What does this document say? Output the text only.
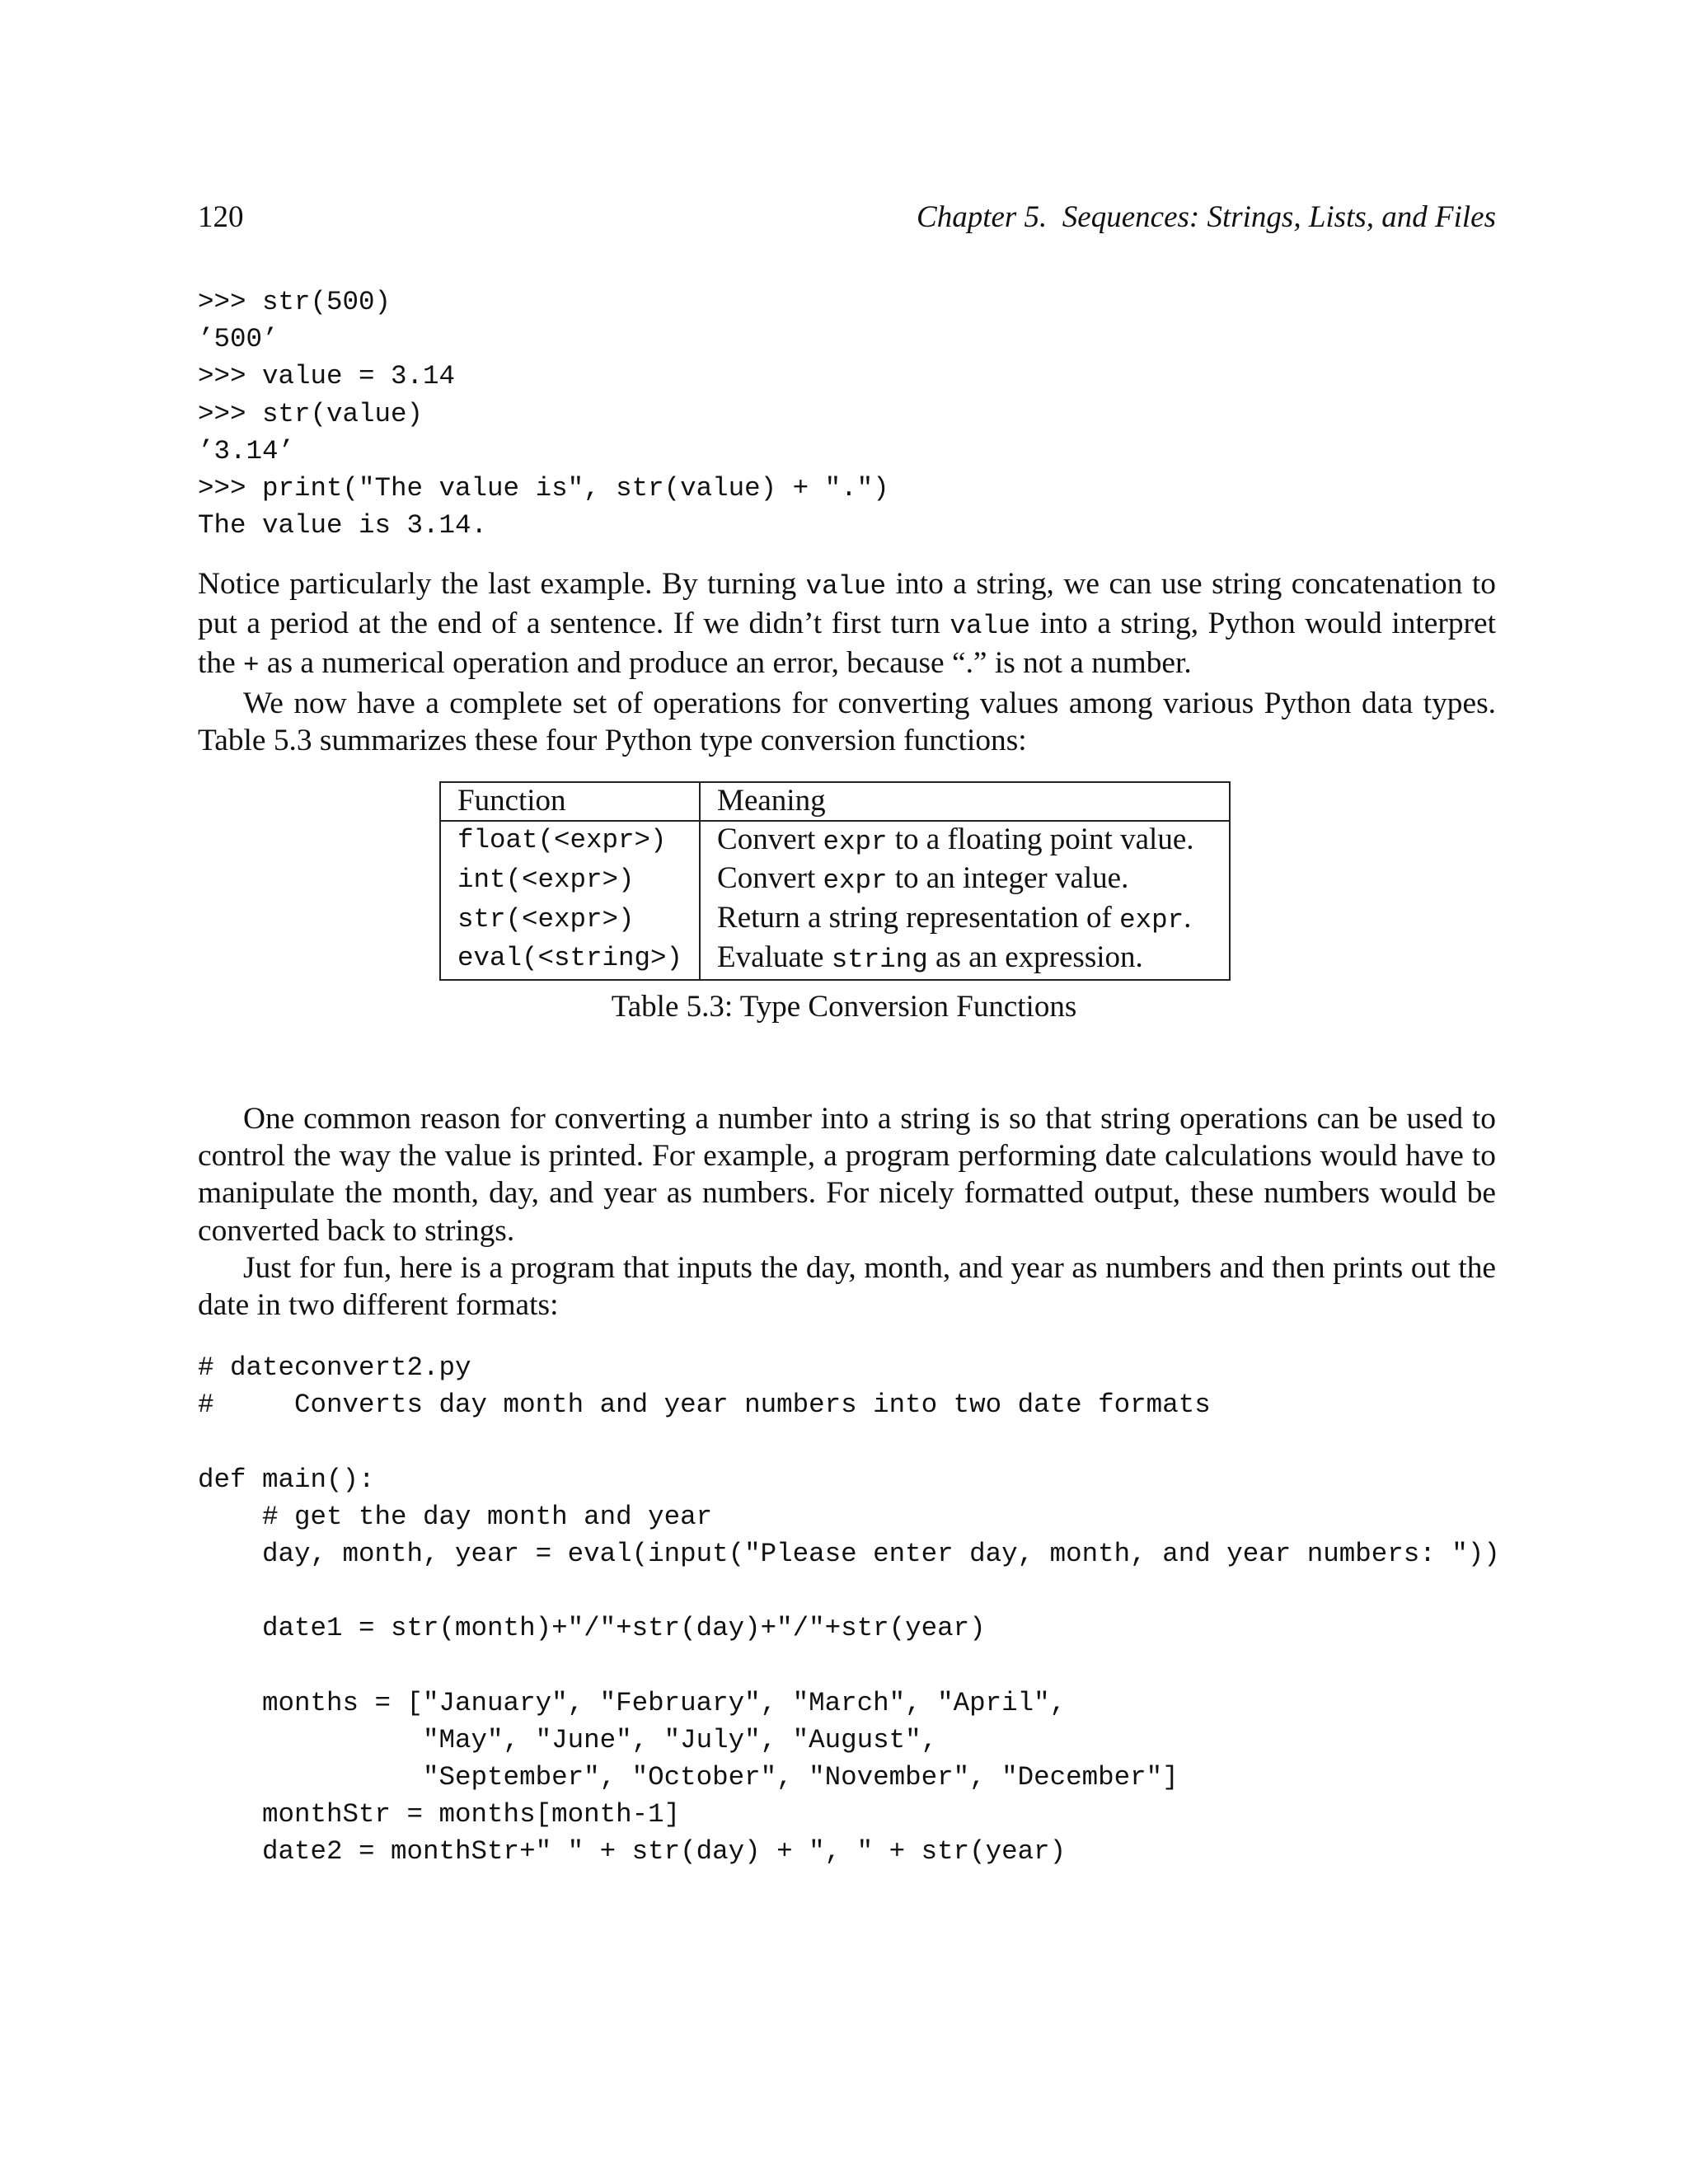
120	Chapter 5.  Sequences: Strings, Lists, and Files
>>> str(500)
’500’
>>> value = 3.14
>>> str(value)
’3.14’
>>> print("The value is", str(value) + ".")
The value is 3.14.

Notice particularly the last example. By turning value into a string, we can use string concatenation to put a period at the end of a sentence. If we didn’t first turn value into a string, Python would interpret the + as a numerical operation and produce an error, because “.” is not a number.

We now have a complete set of operations for converting values among various Python data types. Table 5.3 summarizes these four Python type conversion functions:

Function	Meaning
float(<expr>)	Convert expr to a floating point value.
int(<expr>)	Convert expr to an integer value.
str(<expr>)	Return a string representation of expr.
eval(<string>)	Evaluate string as an expression.
Table 5.3: Type Conversion Functions

One common reason for converting a number into a string is so that string operations can be used to control the way the value is printed. For example, a program performing date calculations would have to manipulate the month, day, and year as numbers. For nicely formatted output, these numbers would be converted back to strings.

Just for fun, here is a program that inputs the day, month, and year as numbers and then prints out the date in two different formats:

# dateconvert2.py
#     Converts day month and year numbers into two date formats
def main():
# get the day month and year
day, month, year = eval(input("Please enter day, month, and year numbers: "))
date1 = str(month)+"/"+str(day)+"/"+str(year)
months = ["January", "February", "March", "April",
"May", "June", "July", "August",
"September", "October", "November", "December"]
monthStr = months[month-1]
date2 = monthStr+" " + str(day) + ", " + str(year)
